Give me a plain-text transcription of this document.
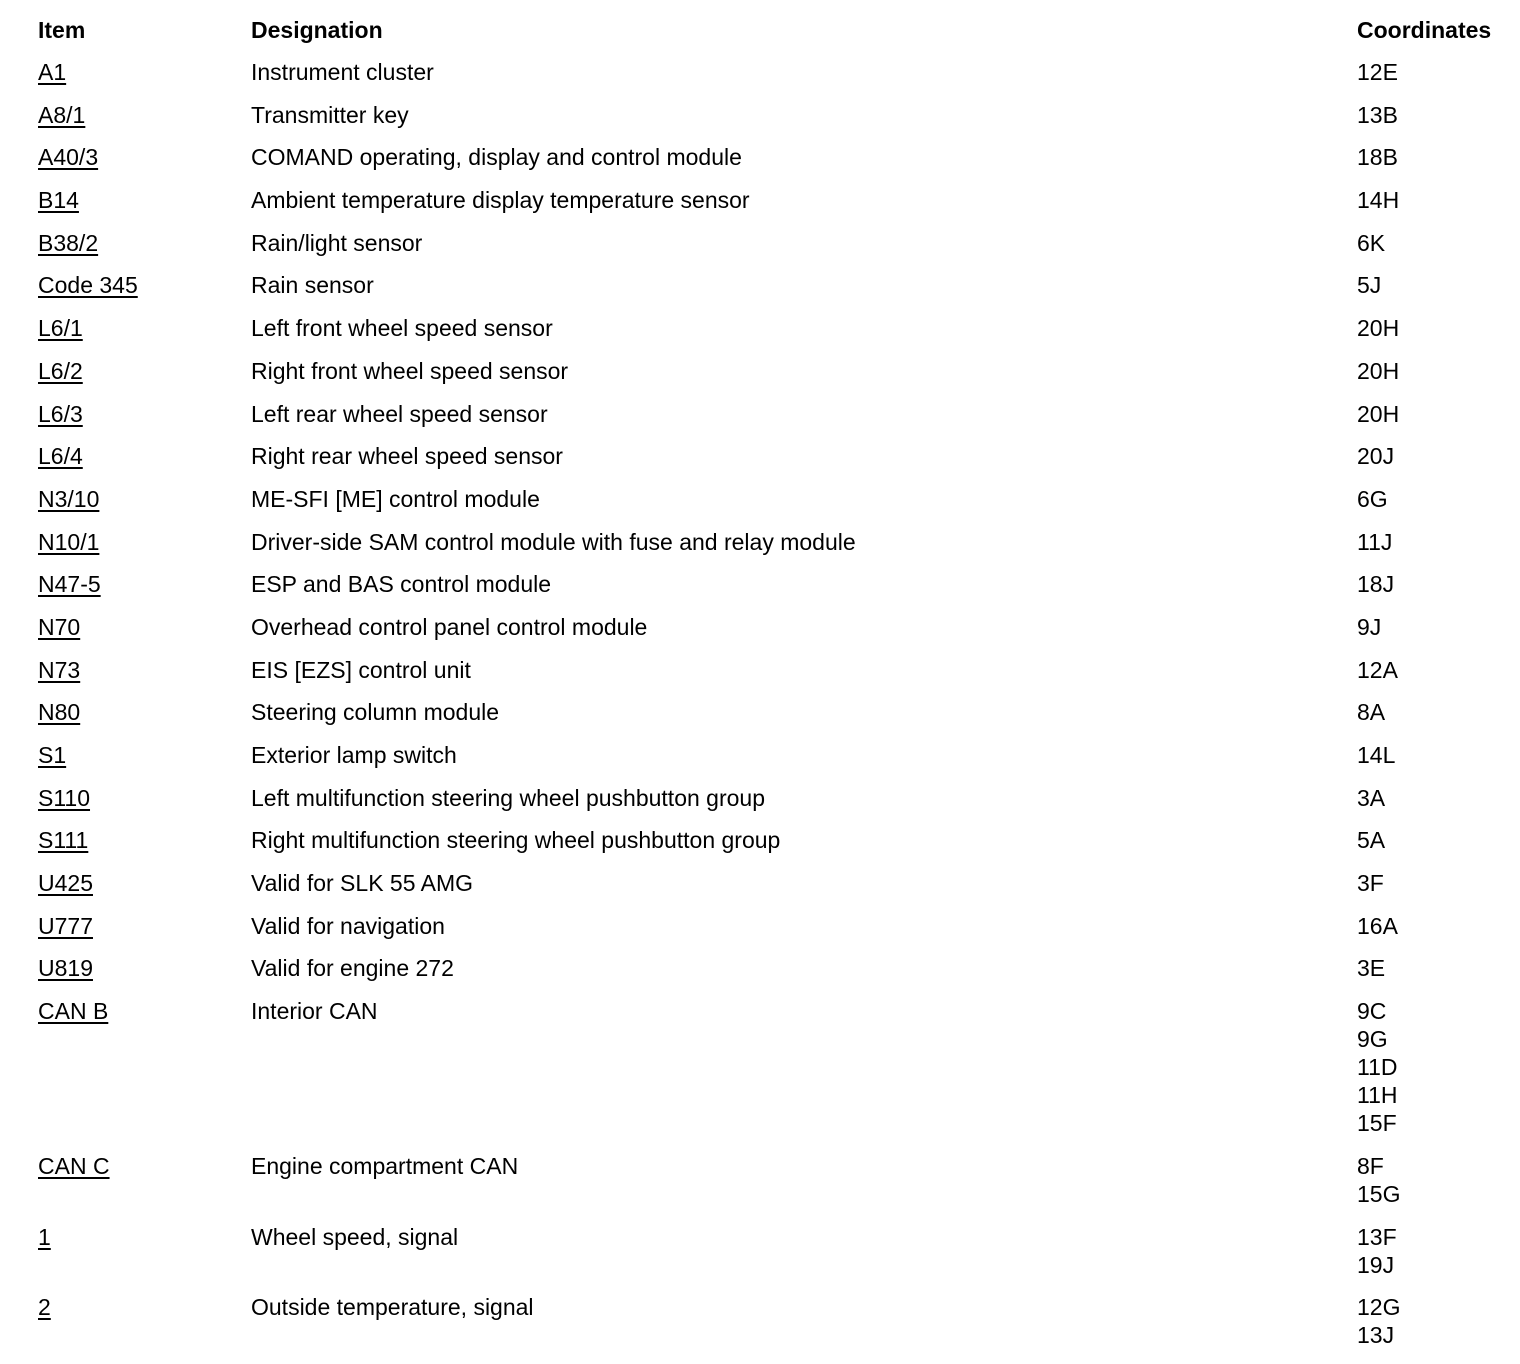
Item	Designation	Coordinates
A1	Instrument cluster	12E
A8/1	Transmitter key	13B
A40/3	COMAND operating, display and control module	18B
B14	Ambient temperature display temperature sensor	14H
B38/2	Rain/light sensor	6K
Code 345	Rain sensor	5J
L6/1	Left front wheel speed sensor	20H
L6/2	Right front wheel speed sensor	20H
L6/3	Left rear wheel speed sensor	20H
L6/4	Right rear wheel speed sensor	20J
N3/10	ME-SFI [ME] control module	6G
N10/1	Driver-side SAM control module with fuse and relay module	11J
N47-5	ESP and BAS control module	18J
N70	Overhead control panel control module	9J
N73	EIS [EZS] control unit	12A
N80	Steering column module	8A
S1	Exterior lamp switch	14L
S110	Left multifunction steering wheel pushbutton group	3A
S111	Right multifunction steering wheel pushbutton group	5A
U425	Valid for SLK 55 AMG	3F
U777	Valid for navigation	16A
U819	Valid for engine 272	3E
CAN B	Interior CAN	9C
9G
11D
11H
15F
CAN C	Engine compartment CAN	8F
15G
1	Wheel speed, signal	13F
19J
2	Outside temperature, signal	12G
13J
